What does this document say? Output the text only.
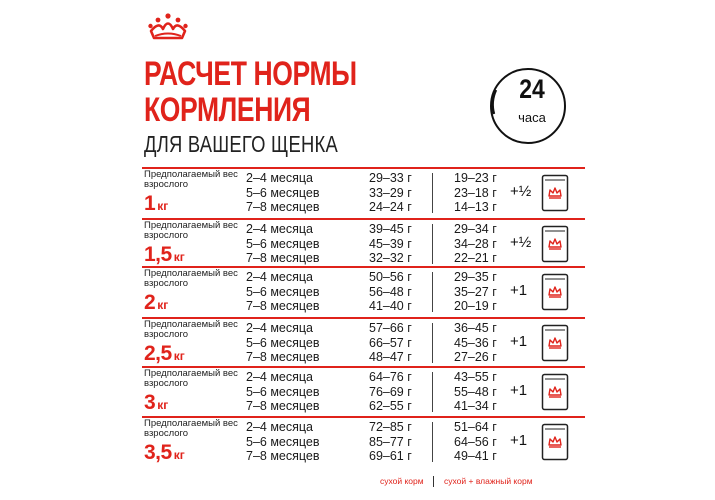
РАСЧЕТ НОРМЫ
КОРМЛЕНИЯ
ДЛЯ ВАШЕГО ЩЕНКА
24
часа
Предполагаемый вес взрослого
1 кг
2–4 месяца	29–33 г	19–23 г
5–6 месяцев	33–29 г	23–18 г
7–8 месяцев	24–24 г	14–13 г
+½
Предполагаемый вес взрослого
1,5 кг
2–4 месяца	39–45 г	29–34 г
5–6 месяцев	45–39 г	34–28 г
7–8 месяцев	32–32 г	22–21 г
+½
Предполагаемый вес взрослого
2 кг
2–4 месяца	50–56 г	29–35 г
5–6 месяцев	56–48 г	35–27 г
7–8 месяцев	41–40 г	20–19 г
+1
Предполагаемый вес взрослого
2,5 кг
2–4 месяца	57–66 г	36–45 г
5–6 месяцев	66–57 г	45–36 г
7–8 месяцев	48–47 г	27–26 г
+1
Предполагаемый вес взрослого
3 кг
2–4 месяца	64–76 г	43–55 г
5–6 месяцев	76–69 г	55–48 г
7–8 месяцев	62–55 г	41–34 г
+1
Предполагаемый вес взрослого
3,5 кг
2–4 месяца	72–85 г	51–64 г
5–6 месяцев	85–77 г	64–56 г
7–8 месяцев	69–61 г	49–41 г
+1
сухой корм сухой + влажный корм
